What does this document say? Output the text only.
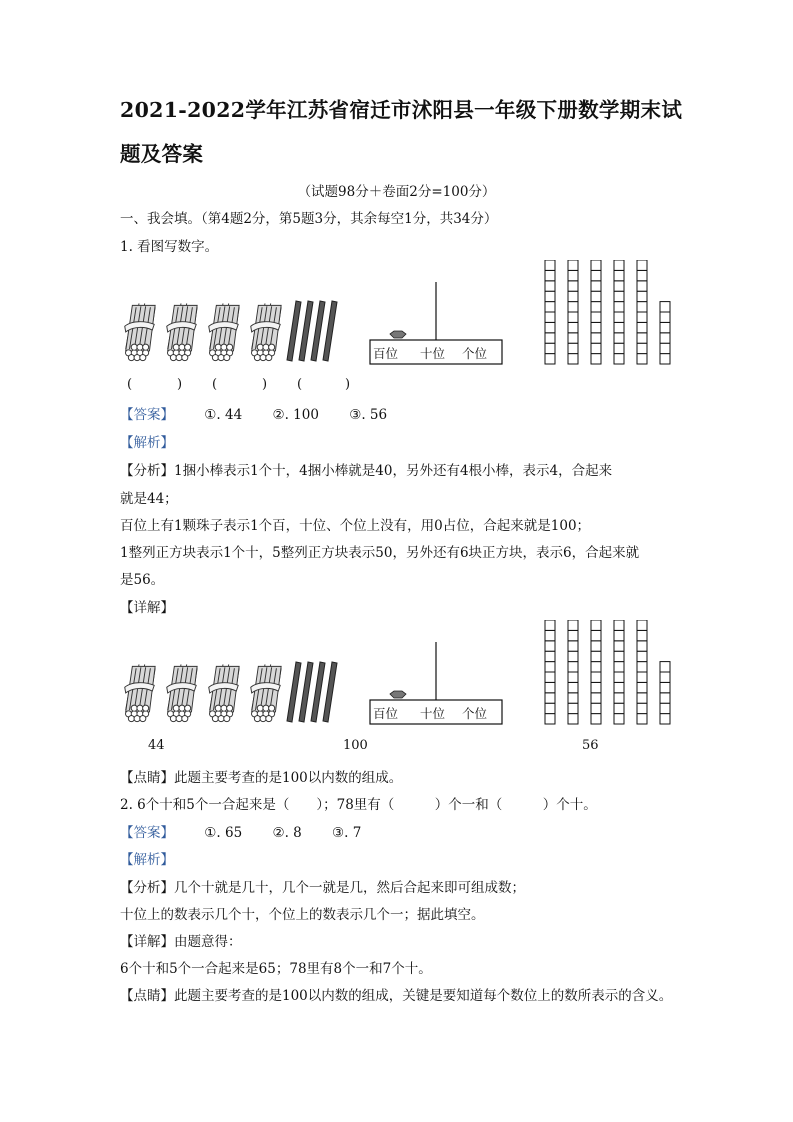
2021-2022学年江苏省宿迁市沭阳县一年级下册数学期末试题及答案
（试题98分＋卷面2分=100分）
一、我会填。（第4题2分，第5题3分，其余每空1分，共34分）
1. 看图写数字。
百位 十位 个位
(	) (	) (	)
【答案】 ①. 44 ②. 100 ③. 56
【解析】
【分析】1捆小棒表示1个十，4捆小棒就是40，另外还有4根小棒，表示4，合起来
就是44；
百位上有1颗珠子表示1个百，十位、个位上没有，用0占位，合起来就是100；
1整列正方块表示1个十，5整列正方块表示50，另外还有6块正方块，表示6，合起来就
是56。
【详解】
百位 十位 个位
44	100	56
【点睛】此题主要考查的是100以内数的组成。
2. 6个十和5个一合起来是（　　）；78里有（　　　）个一和（　　　）个十。
【答案】 ①. 65 ②. 8 ③. 7
【解析】
【分析】几个十就是几十，几个一就是几，然后合起来即可组成数；
十位上的数表示几个十，个位上的数表示几个一；据此填空。
【详解】由题意得：
6个十和5个一合起来是65；78里有8个一和7个十。
【点睛】此题主要考查的是100以内数的组成，关键是要知道每个数位上的数所表示的含义。
